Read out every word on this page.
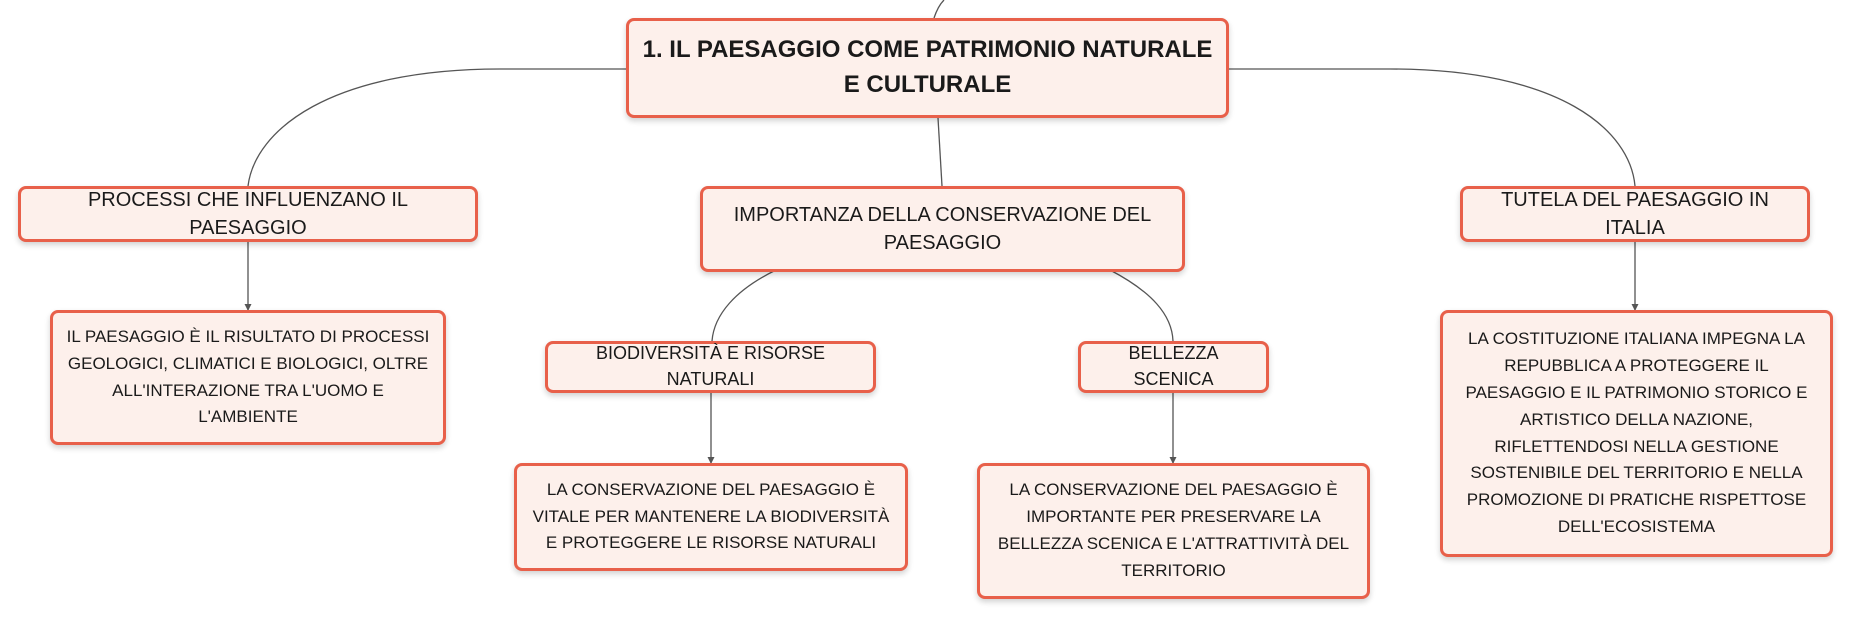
1. IL PAESAGGIO COME PATRIMONIO NATURALE E CULTURALE
PROCESSI CHE INFLUENZANO IL PAESAGGIO
IL PAESAGGIO È IL RISULTATO DI PROCESSI GEOLOGICI, CLIMATICI E BIOLOGICI, OLTRE ALL'INTERAZIONE TRA L'UOMO E L'AMBIENTE
IMPORTANZA DELLA CONSERVAZIONE DEL PAESAGGIO
BIODIVERSITÀ E RISORSE NATURALI
BELLEZZA SCENICA
LA CONSERVAZIONE DEL PAESAGGIO È VITALE PER MANTENERE LA BIODIVERSITÀ E PROTEGGERE LE RISORSE NATURALI
LA CONSERVAZIONE DEL PAESAGGIO È IMPORTANTE PER PRESERVARE LA BELLEZZA SCENICA E L'ATTRATTIVITÀ DEL TERRITORIO
TUTELA DEL PAESAGGIO IN ITALIA
LA COSTITUZIONE ITALIANA IMPEGNA LA REPUBBLICA A PROTEGGERE IL PAESAGGIO E IL PATRIMONIO STORICO E ARTISTICO DELLA NAZIONE, RIFLETTENDOSI NELLA GESTIONE SOSTENIBILE DEL TERRITORIO E NELLA PROMOZIONE DI PRATICHE RISPETTOSE DELL'ECOSISTEMA
